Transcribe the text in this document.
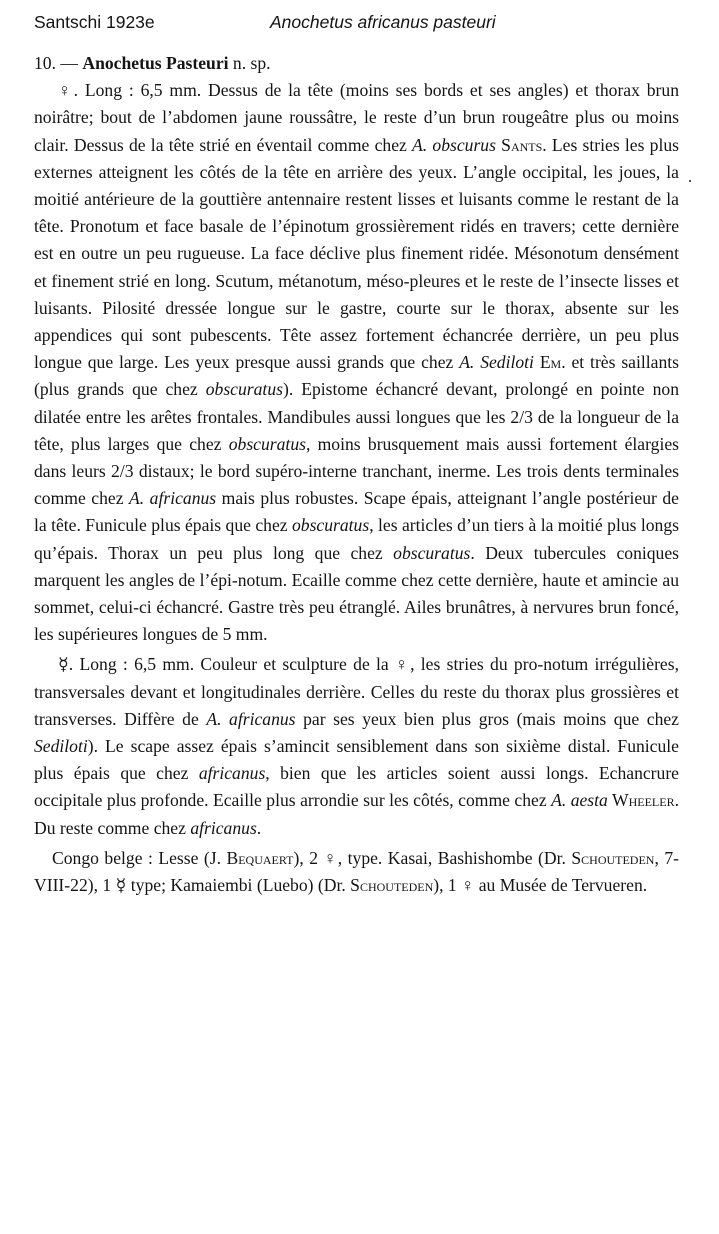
Santschi 1923e	Anochetus africanus pasteuri

10. — Anochetus Pasteuri n. sp.

♀. Long : 6,5 mm. Dessus de la tête (moins ses bords et ses angles) et thorax brun noirâtre; bout de l’abdomen jaune roussâtre, le reste d’un brun rougeâtre plus ou moins clair. Dessus de la tête strié en éventail comme chez A. obscurus Sants. Les stries les plus externes atteignent les côtés de la tête en arrière des yeux. L’angle occipital, les joues, la moitié antérieure de la gouttière antennaire restent lisses et luisants comme le restant de la tête. Pronotum et face basale de l’épinotum grossièrement ridés en travers; cette dernière est en outre un peu rugueuse. La face déclive plus finement ridée. Mésonotum densément et finement strié en long. Scutum, métanotum, méso-pleures et le reste de l’insecte lisses et luisants. Pilosité dressée longue sur le gastre, courte sur le thorax, absente sur les appendices qui sont pubescents. Tête assez fortement échancrée derrière, un peu plus longue que large. Les yeux presque aussi grands que chez A. Sediloti Em. et très saillants (plus grands que chez obscuratus). Epistome échancré devant, prolongé en pointe non dilatée entre les arêtes frontales. Mandibules aussi longues que les 2/3 de la longueur de la tête, plus larges que chez obscuratus, moins brusquement mais aussi fortement élargies dans leurs 2/3 distaux; le bord supéro-interne tranchant, inerme. Les trois dents terminales comme chez A. africanus mais plus robustes. Scape épais, atteignant l’angle postérieur de la tête. Funicule plus épais que chez obscuratus, les articles d’un tiers à la moitié plus longs qu’épais. Thorax un peu plus long que chez obscuratus. Deux tubercules coniques marquent les angles de l’épi-notum. Ecaille comme chez cette dernière, haute et amincie au sommet, celui-ci échancré. Gastre très peu étranglé. Ailes brunâtres, à nervures brun foncé, les supérieures longues de 5 mm.

☿. Long : 6,5 mm. Couleur et sculpture de la ♀, les stries du pro-notum irrégulières, transversales devant et longitudinales derrière. Celles du reste du thorax plus grossières et transverses. Diffère de A. africanus par ses yeux bien plus gros (mais moins que chez Sediloti). Le scape assez épais s’amincit sensiblement dans son sixième distal. Funicule plus épais que chez africanus, bien que les articles soient aussi longs. Echancrure occipitale plus profonde. Ecaille plus arrondie sur les côtés, comme chez A. aesta Wheeler. Du reste comme chez africanus.

Congo belge : Lesse (J. Bequaert), 2 ♀, type. Kasai, Bashishombe (Dr. Schouteden, 7-VIII-22), 1 ☿ type; Kamaiembi (Luebo) (Dr. Schouteden), 1 ♀ au Musée de Tervueren.
